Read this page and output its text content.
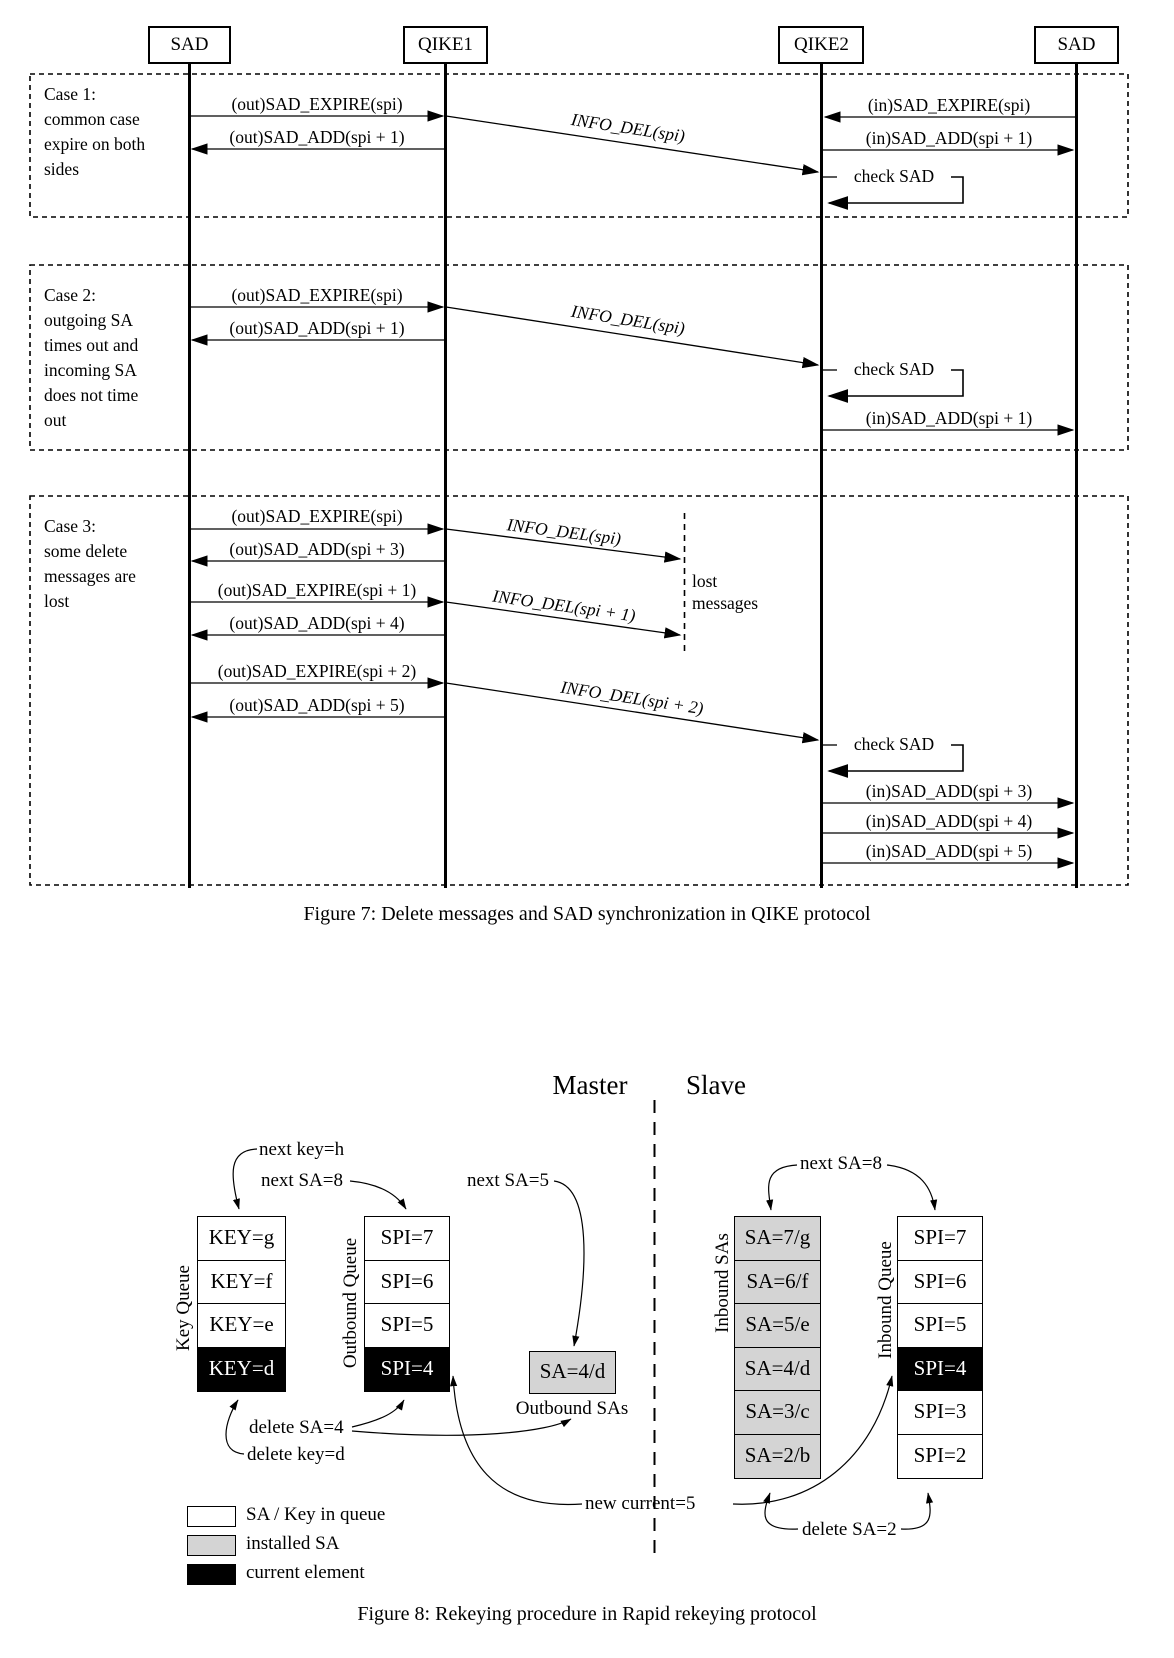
SAD	QIKE1	QIKE2	SAD
Case 1:
common case
expire on both
sides
Case 2:
outgoing SA
times out and
incoming SA
does not time
out
Case 3:
some delete
messages are
lost
(out)SAD_EXPIRE(spi)
(out)SAD_ADD(spi + 1)	INFO_DEL(spi)
(in)SAD_EXPIRE(spi)
(in)SAD_ADD(spi + 1)
check SAD
(out)SAD_EXPIRE(spi)
(out)SAD_ADD(spi + 1)	INFO_DEL(spi)
check SAD
(in)SAD_ADD(spi + 1)
(out)SAD_EXPIRE(spi)	INFO_DEL(spi)
(out)SAD_ADD(spi + 3)
(out)SAD_EXPIRE(spi + 1)	INFO_DEL(spi + 1)
(out)SAD_ADD(spi + 4)
(out)SAD_EXPIRE(spi + 2)
INFO_DEL(spi + 2)
(out)SAD_ADD(spi + 5)
lost
messages
check SAD
(in)SAD_ADD(spi + 3)
(in)SAD_ADD(spi + 4)
(in)SAD_ADD(spi + 5)
Figure 7: Delete messages and SAD synchronization in QIKE protocol
Master Slave
Key Queue	Outbound Queue	Inbound SAs	Inbound Queue
KEY=g
KEY=f
KEY=e
KEY=d
SPI=7
SPI=6
SPI=5
SPI=4	SA=4/d
Outbound SAs
SA=7/g
SA=6/f
SA=5/e
SA=4/d
SA=3/c
SA=2/b
SPI=7
SPI=6
SPI=5
SPI=4
SPI=3
SPI=2
next key=h
next SA=8	next SA=5
next SA=8
delete SA=4
delete key=d
new current=5
delete SA=2
SA / Key in queue
installed SA
current element
Figure 8: Rekeying procedure in Rapid rekeying protocol
